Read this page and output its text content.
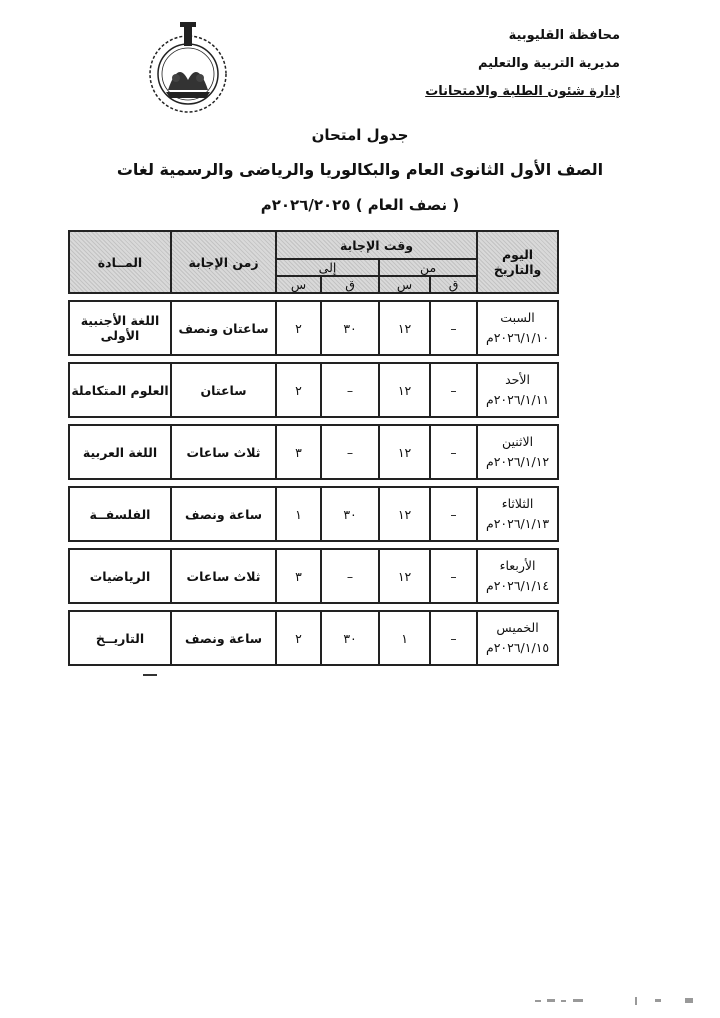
محافظة القليوبية
مديرية التربية والتعليم
إدارة شئون الطلبة والامتحانات
جدول امتحان
الصف الأول الثانوى العام والبكالوريا والرياضى والرسمية لغات
( نصف العام ) ٢٠٢٦/٢٠٢٥م
اليوم والتاريخ	وقت الإجابة				زمن الإجابة	المــادة
	من		إلى			
	ق	س	ق	س		

السبت
٢٠٢٦/١/١٠م	–	١٢	٣٠	٢	ساعتان ونصف	اللغة الأجنبية الأولى

الأحد
٢٠٢٦/١/١١م	–	١٢	–	٢	ساعتان	العلوم المتكاملة

الاثنين
٢٠٢٦/١/١٢م	–	١٢	–	٣	ثلاث ساعات	اللغة العربية

الثلاثاء
٢٠٢٦/١/١٣م	–	١٢	٣٠	١	ساعة ونصف	الفلسفــة

الأربعاء
٢٠٢٦/١/١٤م	–	١٢	–	٣	ثلاث ساعات	الرياضيات

الخميس
٢٠٢٦/١/١٥م	–	١	٣٠	٢	ساعة ونصف	التاريــخ
